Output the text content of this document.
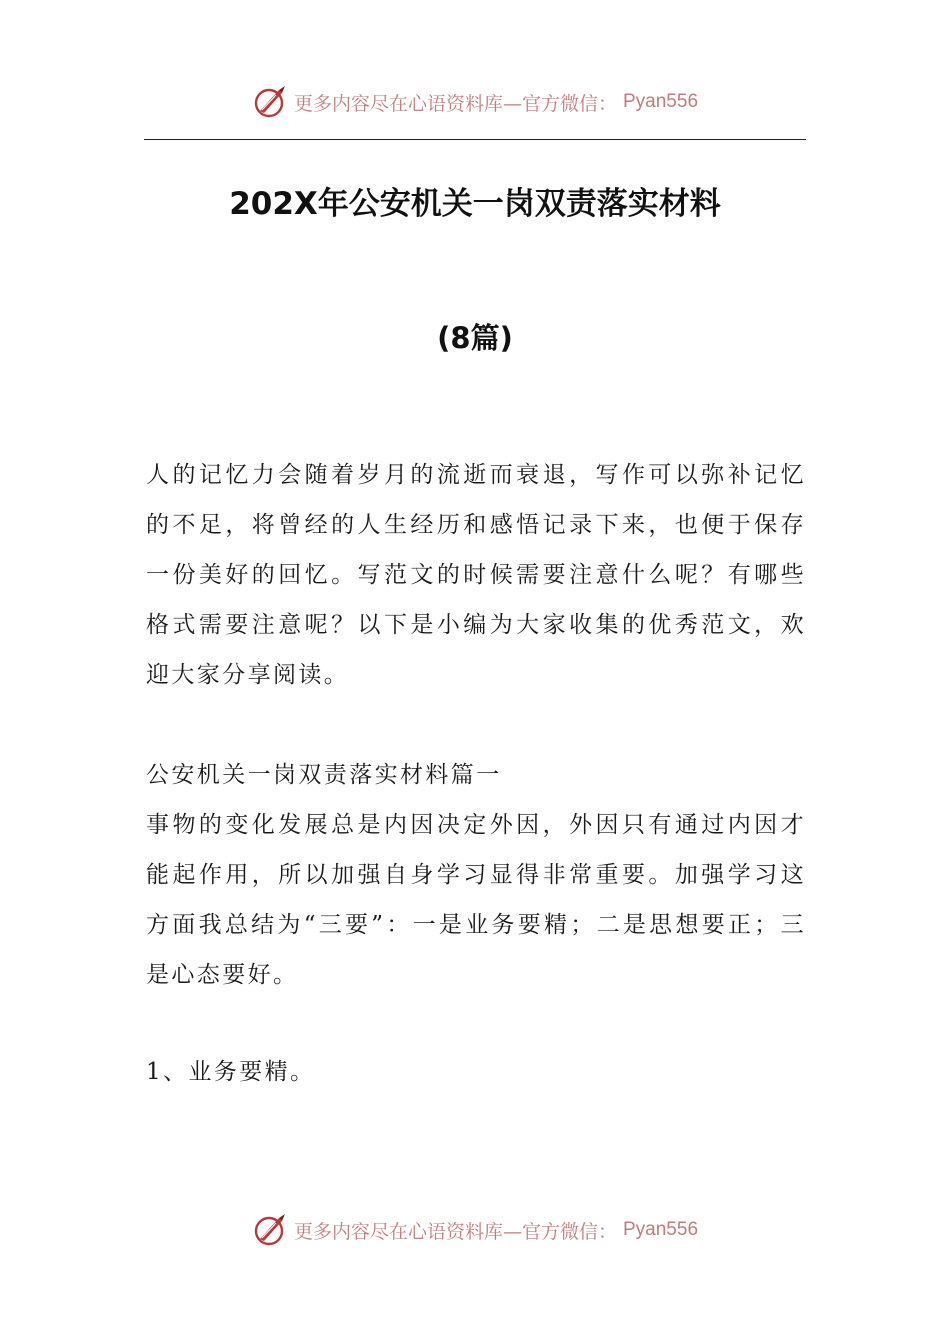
更多内容尽在心语资料库—官方微信： Pyan556
202X年公安机关一岗双责落实材料
(8篇)

人的记忆力会随着岁月的流逝而衰退，写作可以弥补记忆的不足，将曾经的人生经历和感悟记录下来，也便于保存一份美好的回忆。写范文的时候需要注意什么呢？有哪些格式需要注意呢？以下是小编为大家收集的优秀范文，欢迎大家分享阅读。

公安机关一岗双责落实材料篇一

事物的变化发展总是内因决定外因，外因只有通过内因才能起作用，所以加强自身学习显得非常重要。加强学习这方面我总结为“三要”：一是业务要精；二是思想要正；三是心态要好。

1、业务要精。
更多内容尽在心语资料库—官方微信： Pyan556
